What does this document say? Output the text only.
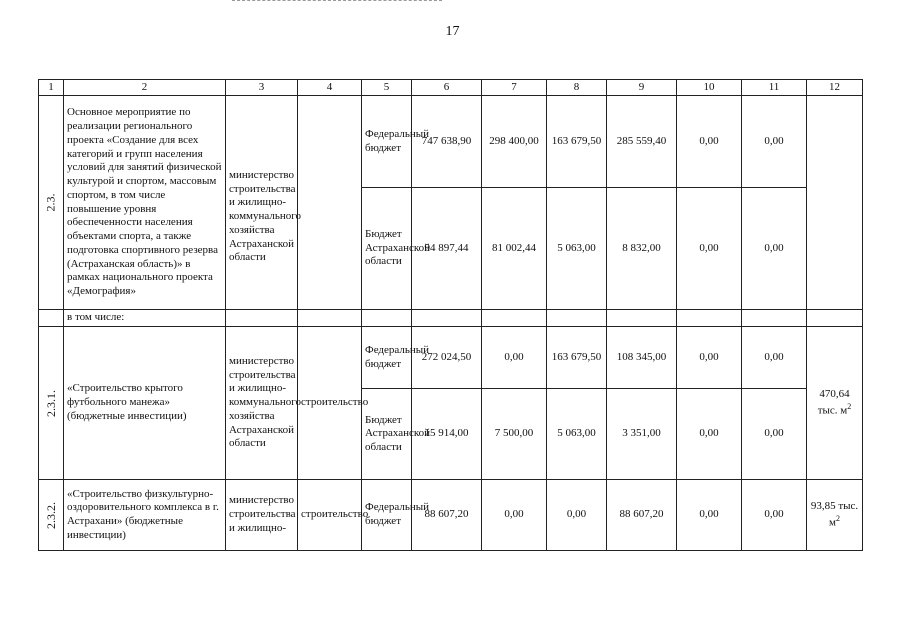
17
1	2	3	4	5	6	7	8	9	10	11	12

2.3.	Основное мероприятие по реализации регионального проекта «Создание для всех категорий и групп населения условий для занятий физической культурой и спортом, массовым спортом, в том числе повышение уровня обеспеченности населения объектами спорта, а также подготовка спортивного резерва (Астраханская область)» в рамках национального проекта «Демография»	министерство строительства и жилищно-коммунального хозяйства Астраханской области		Федеральный бюджет	747 638,90	298 400,00	163 679,50	285 559,40	0,00	0,00	
				Бюджет Астраханской области	94 897,44	81 002,44	5 063,00	8 832,00	0,00	0,00	
	в том числе:										

2.3.1.	«Строительство крытого футбольного манежа» (бюджетные инвестиции)	министерство строительства и жилищно-коммунального хозяйства Астраханской области	строительство	Федеральный бюджет	272 024,50	0,00	163 679,50	108 345,00	0,00	0,00	470,64
тыс. $м^2$
				Бюджет Астраханской области	15 914,00	7 500,00	5 063,00	3 351,00	0,00	0,00	

2.3.2.	«Строительство физкультурно-оздоровительного комплекса в г. Астрахани» (бюджетные инвестиции)	министерство строительства и жилищно-	строительство	Федеральный бюджет	88 607,20	0,00	0,00	88 607,20	0,00	0,00	93,85 тыс.
$м^2$
